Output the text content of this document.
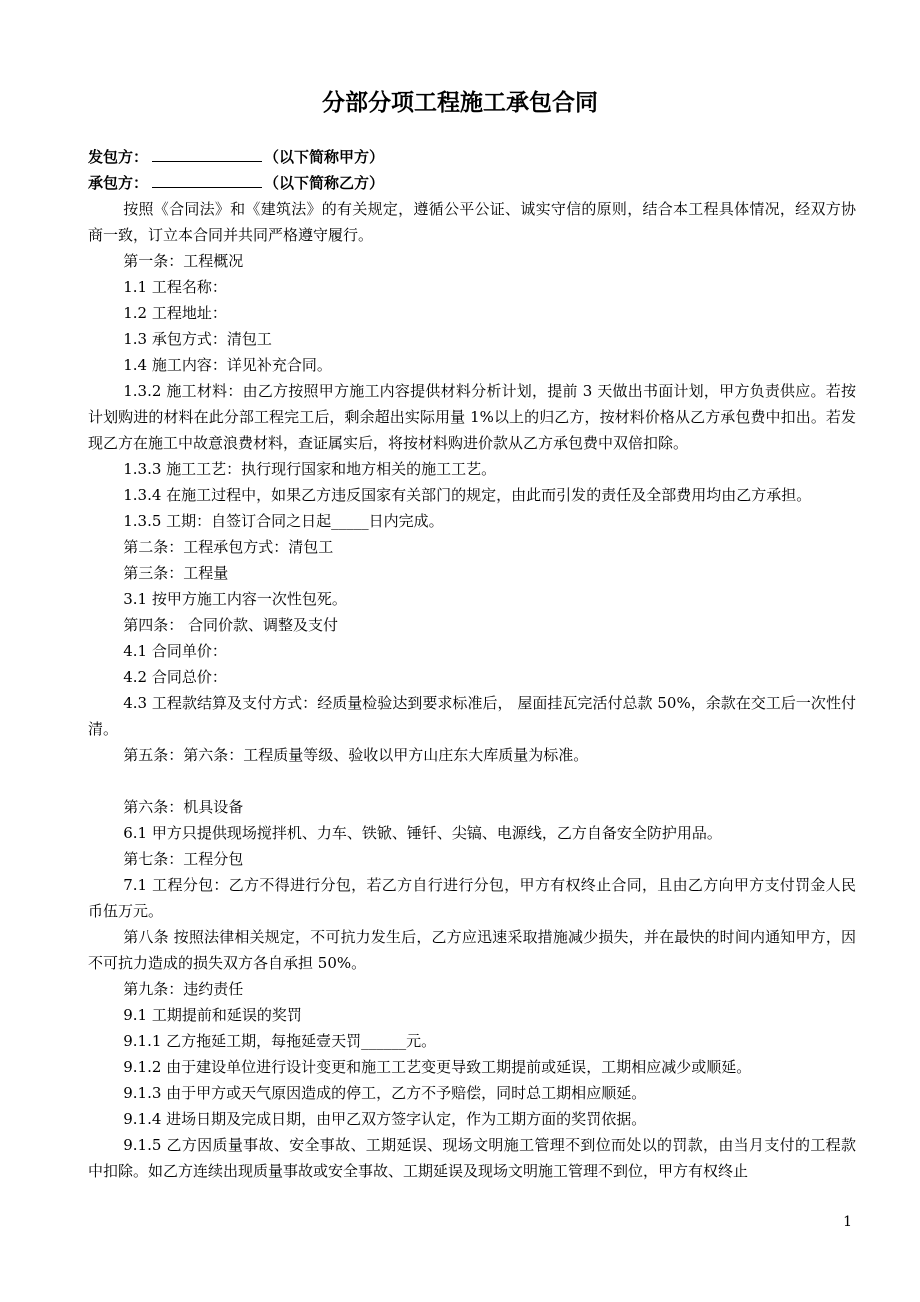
分部分项工程施工承包合同
发包方：	（以下简称甲方）
承包方：	（以下简称乙方）

按照《合同法》和《建筑法》的有关规定，遵循公平公证、诚实守信的原则，结合本工程具体情况，经双方协商一致，订立本合同并共同严格遵守履行。

第一条：工程概况

1.1 工程名称：

1.2 工程地址：

1.3 承包方式：清包工

1.4 施工内容：详见补充合同。

1.3.2 施工材料：由乙方按照甲方施工内容提供材料分析计划，提前 3 天做出书面计划，甲方负责供应。若按计划购进的材料在此分部工程完工后，剩余超出实际用量 1%以上的归乙方，按材料价格从乙方承包费中扣出。若发现乙方在施工中故意浪费材料，查证属实后，将按材料购进价款从乙方承包费中双倍扣除。

1.3.3 施工工艺：执行现行国家和地方相关的施工工艺。

1.3.4 在施工过程中，如果乙方违反国家有关部门的规定，由此而引发的责任及全部费用均由乙方承担。

1.3.5 工期：自签订合同之日起_____日内完成。

第二条：工程承包方式：清包工

第三条：工程量

3.1 按甲方施工内容一次性包死。

第四条： 合同价款、调整及支付

4.1 合同单价：

4.2 合同总价：

4.3 工程款结算及支付方式：经质量检验达到要求标准后， 屋面挂瓦完活付总款 50%，余款在交工后一次性付清。

第五条：第六条：工程质量等级、验收以甲方山庄东大库质量为标准。

第六条：机具设备

6.1 甲方只提供现场搅拌机、力车、铁锨、锤钎、尖镐、电源线，乙方自备安全防护用品。

第七条：工程分包

7.1 工程分包：乙方不得进行分包，若乙方自行进行分包，甲方有权终止合同，且由乙方向甲方支付罚金人民币伍万元。

第八条 按照法律相关规定，不可抗力发生后，乙方应迅速采取措施减少损失，并在最快的时间内通知甲方，因不可抗力造成的损失双方各自承担 50%。

第九条：违约责任

9.1 工期提前和延误的奖罚

9.1.1 乙方拖延工期，每拖延壹天罚______元。

9.1.2 由于建设单位进行设计变更和施工工艺变更导致工期提前或延误，工期相应减少或顺延。

9.1.3 由于甲方或天气原因造成的停工，乙方不予赔偿，同时总工期相应顺延。

9.1.4 进场日期及完成日期，由甲乙双方签字认定，作为工期方面的奖罚依据。

9.1.5 乙方因质量事故、安全事故、工期延误、现场文明施工管理不到位而处以的罚款，由当月支付的工程款中扣除。如乙方连续出现质量事故或安全事故、工期延误及现场文明施工管理不到位，甲方有权终止

1
